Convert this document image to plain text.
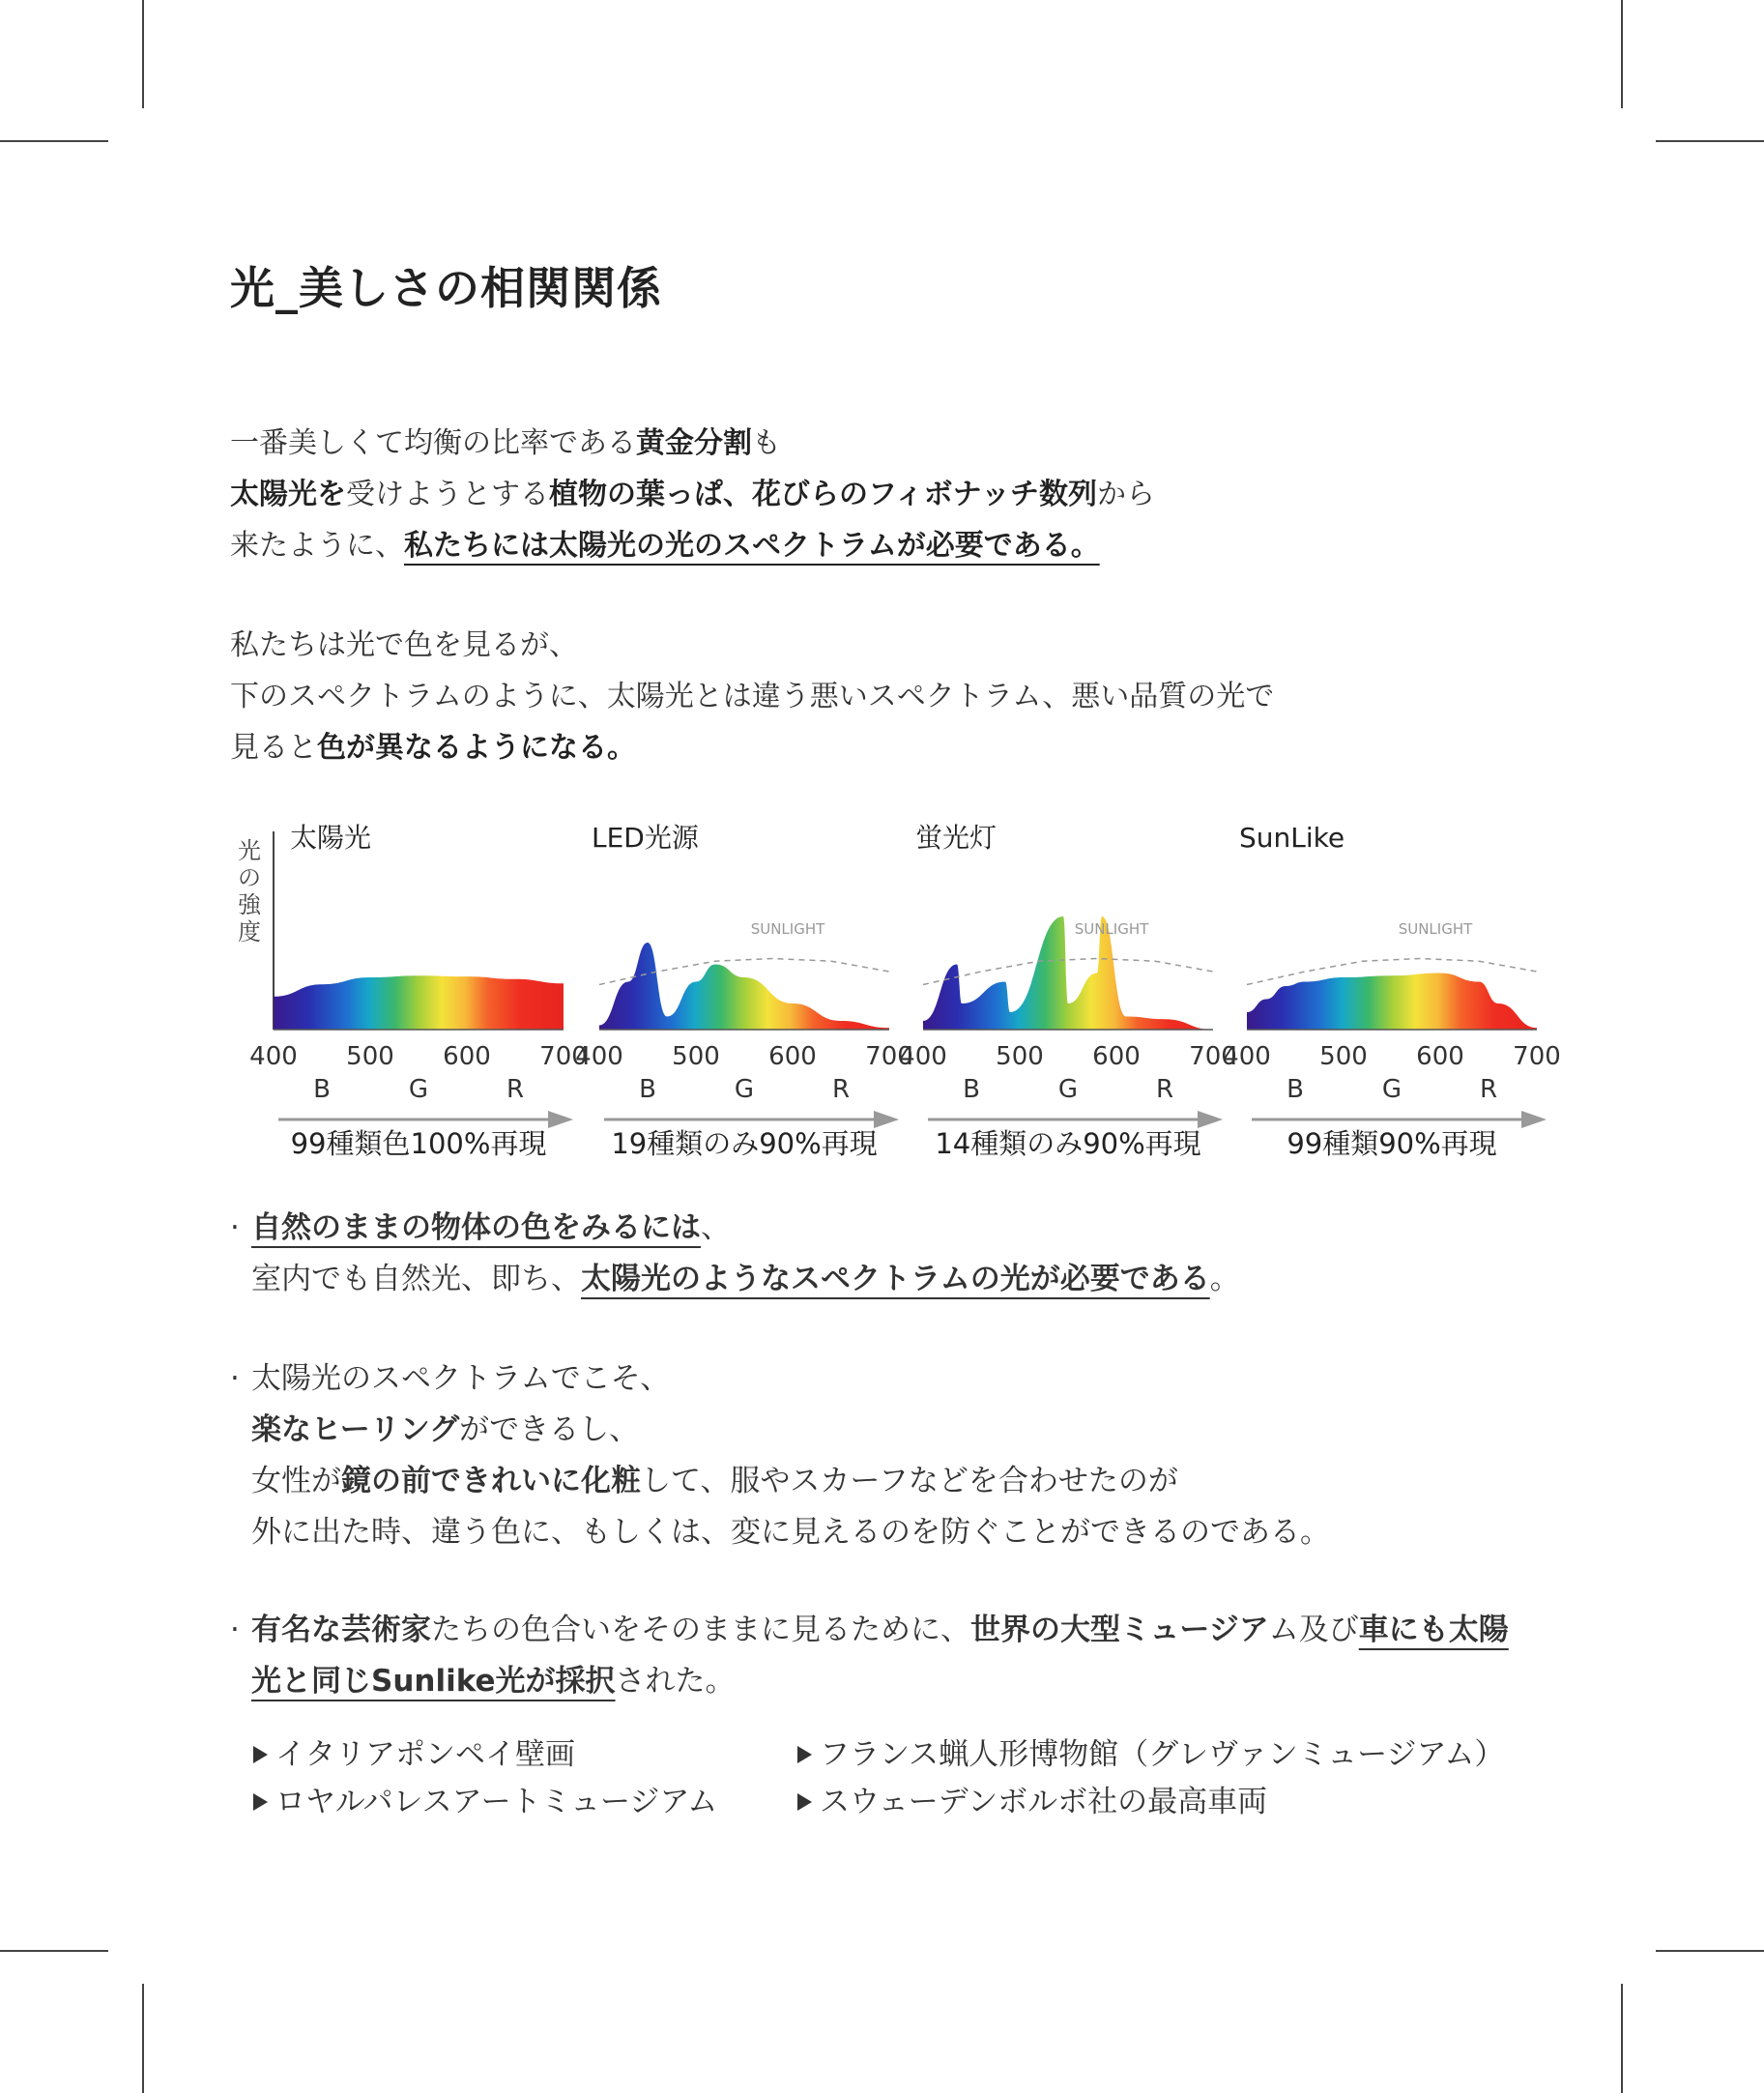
光_美しさの相関関係
一番美しくて均衡の比率である黄金分割も
太陽光を受けようとする植物の葉っぱ、花びらのフィボナッチ数列から
来たように、私たちには太陽光の光のスペクトラムが必要である。
私たちは光で色を見るが、
下のスペクトラムのように、太陽光とは違う悪いスペクトラム、悪い品質の光で
見ると色が異なるようになる。
光
の
強
度
太陽光
400 500 600 700
B	G	R
99種類色100%再現
LED光源
SUNLIGHT
400 500 600 700
B	G	R
19種類のみ90%再現
蛍光灯
SUNLIGHT
400 500 600 700
B	G	R
14種類のみ90%再現
SunLike
SUNLIGHT
400 500 600 700
B	G	R
99種類90%再現
· 自然のままの物体の色をみるには、
室内でも自然光、即ち、太陽光のようなスペクトラムの光が必要である。
· 太陽光のスペクトラムでこそ、
楽なヒーリングができるし、
女性が鏡の前できれいに化粧して、服やスカーフなどを合わせたのが
外に出た時、違う色に、もしくは、変に見えるのを防ぐことができるのである。
· 有名な芸術家たちの色合いをそのままに見るために、世界の大型ミュージアム及び車にも太陽
光と同じSunlike光が採択された。
イタリアポンペイ壁画	フランス蝋人形博物館（グレヴァンミュージアム）
ロヤルパレスアートミュージアム	スウェーデンボルボ社の最高車両
